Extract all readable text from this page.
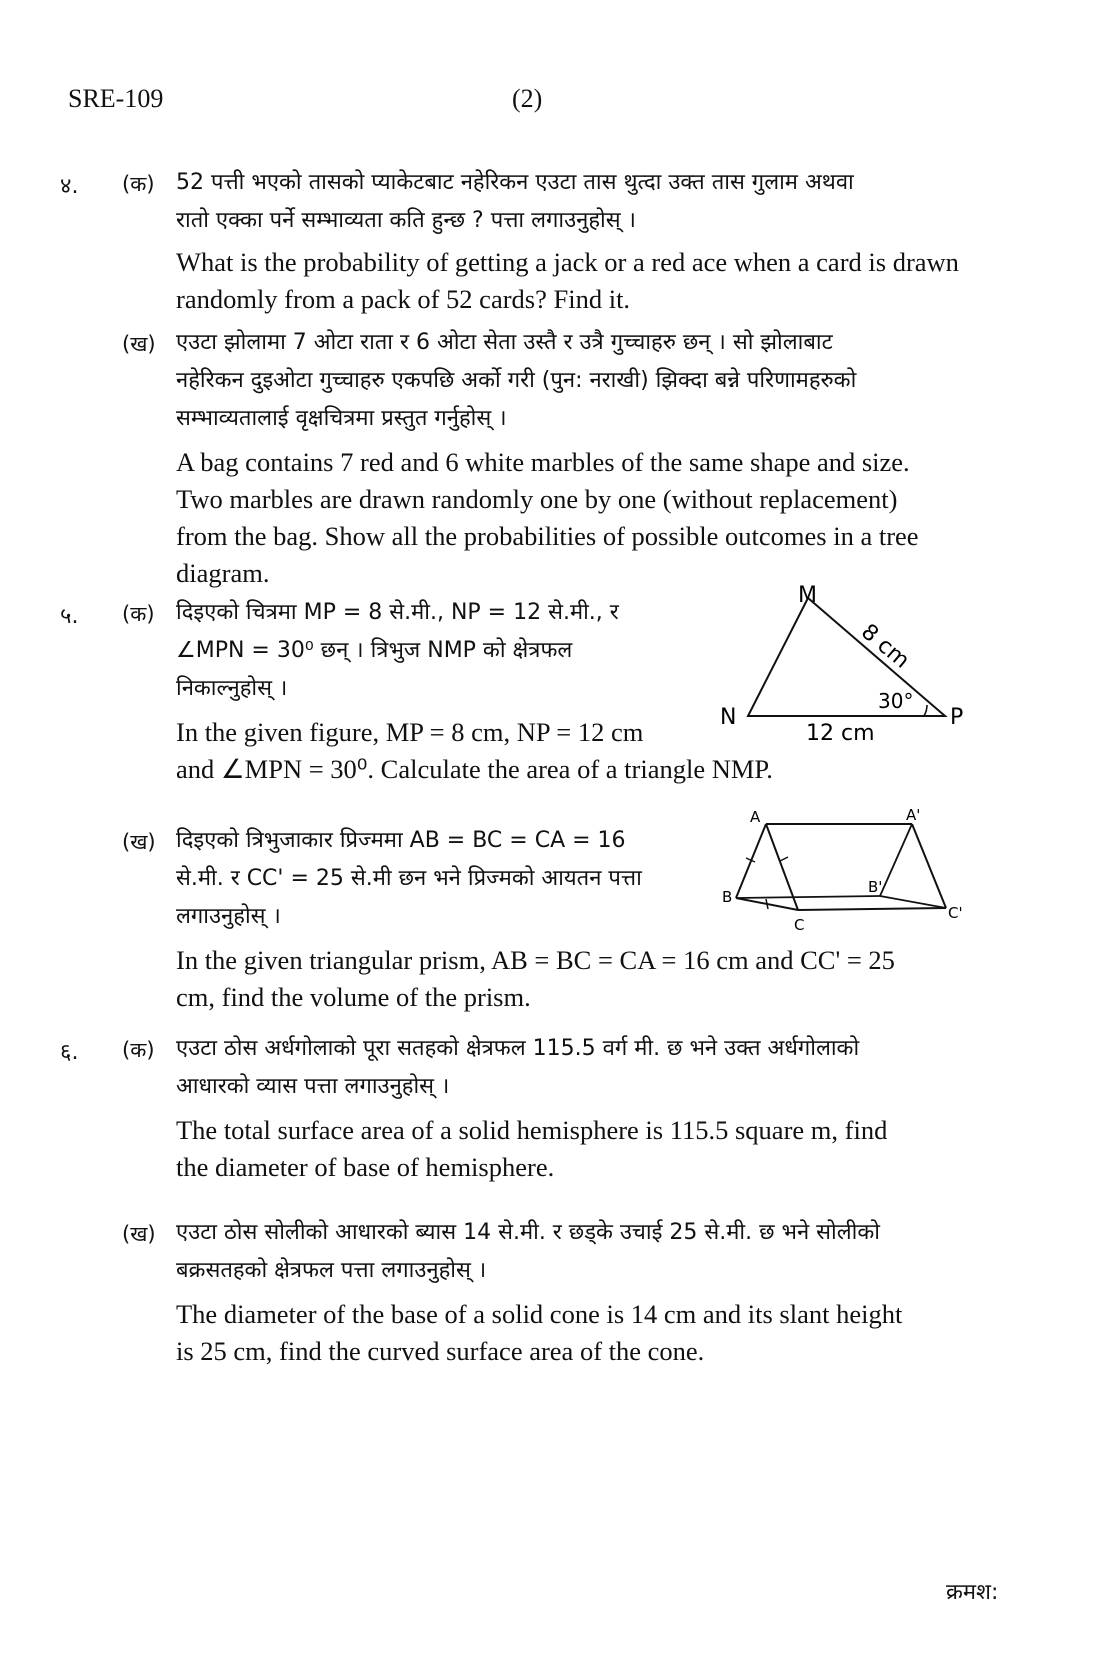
SRE-109	(2)
४. (क) 52 पत्ती भएको तासको प्याकेटबाट नहेरिकन एउटा तास थुत्दा उक्त तास गुलाम अथवा
रातो एक्का पर्ने सम्भाव्यता कति हुन्छ ? पत्ता लगाउनुहोस् ।
What is the probability of getting a jack or a red ace when a card is drawn
randomly from a pack of 52 cards? Find it.
(ख) एउटा झोलामा 7 ओटा राता र 6 ओटा सेता उस्तै र उत्रै गुच्चाहरु छन् । सो झोलाबाट
नहेरिकन दुइओटा गुच्चाहरु एकपछि अर्को गरी (पुन: नराखी) झिक्दा बन्ने परिणामहरुको
सम्भाव्यतालाई वृक्षचित्रमा प्रस्तुत गर्नुहोस् ।
A bag contains 7 red and 6 white marbles of the same shape and size.
Two marbles are drawn randomly one by one (without replacement)
from the bag. Show all the probabilities of possible outcomes in a tree
diagram.
५. (क) दिइएको चित्रमा MP = 8 से.मी., NP = 12 से.मी., र
∠MPN = 30⁰ छन् । त्रिभुज NMP को क्षेत्रफल
निकाल्नुहोस् ।
In the given figure, MP = 8 cm, NP = 12 cm
and ∠MPN = 30⁰. Calculate the area of a triangle NMP.
M
N	P
8 cm
12 cm
30°
(ख) दिइएको त्रिभुजाकार प्रिज्ममा AB = BC = CA = 16
से.मी. र CC' = 25 से.मी छन भने प्रिज्मको आयतन पत्ता
लगाउनुहोस् ।
In the given triangular prism, AB = BC = CA = 16 cm and CC' = 25
cm, find the volume of the prism.
A	A'
B
B'
C
C'
६. (क) एउटा ठोस अर्धगोलाको पूरा सतहको क्षेत्रफल 115.5 वर्ग मी. छ भने उक्त अर्धगोलाको
आधारको व्यास पत्ता लगाउनुहोस् ।
The total surface area of a solid hemisphere is 115.5 square m, find
the diameter of base of hemisphere.
(ख) एउटा ठोस सोलीको आधारको ब्यास 14 से.मी. र छड्के उचाई 25 से.मी. छ भने सोलीको
बक्रसतहको क्षेत्रफल पत्ता लगाउनुहोस् ।
The diameter of the base of a solid cone is 14 cm and its slant height
is 25 cm, find the curved surface area of the cone.
क्रमश:
